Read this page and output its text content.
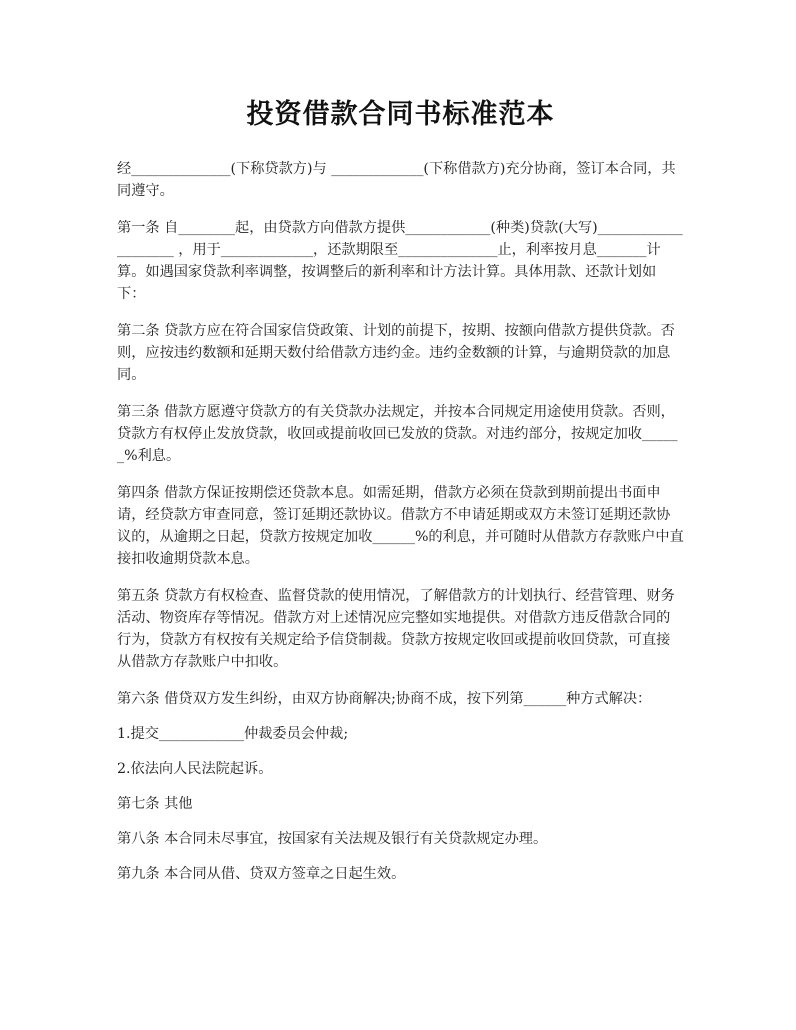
投资借款合同书标准范本

经______________(下称贷款方)与 _____________(下称借款方)充分协商，签订本合同，共同遵守。

第一条 自________起，由贷款方向借款方提供____________(种类)贷款(大写)____________________ ，用于_____________，还款期限至______________止，利率按月息_______计算。如遇国家贷款利率调整，按调整后的新利率和计方法计算。具体用款、还款计划如下：

第二条 贷款方应在符合国家信贷政策、计划的前提下，按期、按额向借款方提供贷款。否则，应按违约数额和延期天数付给借款方违约金。违约金数额的计算，与逾期贷款的加息同。

第三条 借款方愿遵守贷款方的有关贷款办法规定，并按本合同规定用途使用贷款。否则，贷款方有权停止发放贷款，收回或提前收回已发放的贷款。对违约部分，按规定加收______%利息。

第四条 借款方保证按期偿还贷款本息。如需延期，借款方必须在贷款到期前提出书面申请，经贷款方审查同意，签订延期还款协议。借款方不申请延期或双方未签订延期还款协议的，从逾期之日起，贷款方按规定加收______%的利息，并可随时从借款方存款账户中直接扣收逾期贷款本息。

第五条 贷款方有权检查、监督贷款的使用情况，了解借款方的计划执行、经营管理、财务活动、物资库存等情况。借款方对上述情况应完整如实地提供。对借款方违反借款合同的行为，贷款方有权按有关规定给予信贷制裁。贷款方按规定收回或提前收回贷款，可直接从借款方存款账户中扣收。

第六条 借贷双方发生纠纷，由双方协商解决;协商不成，按下列第______种方式解决：

1.提交____________仲裁委员会仲裁;

2.依法向人民法院起诉。

第七条 其他

第八条 本合同未尽事宜，按国家有关法规及银行有关贷款规定办理。

第九条 本合同从借、贷双方签章之日起生效。
